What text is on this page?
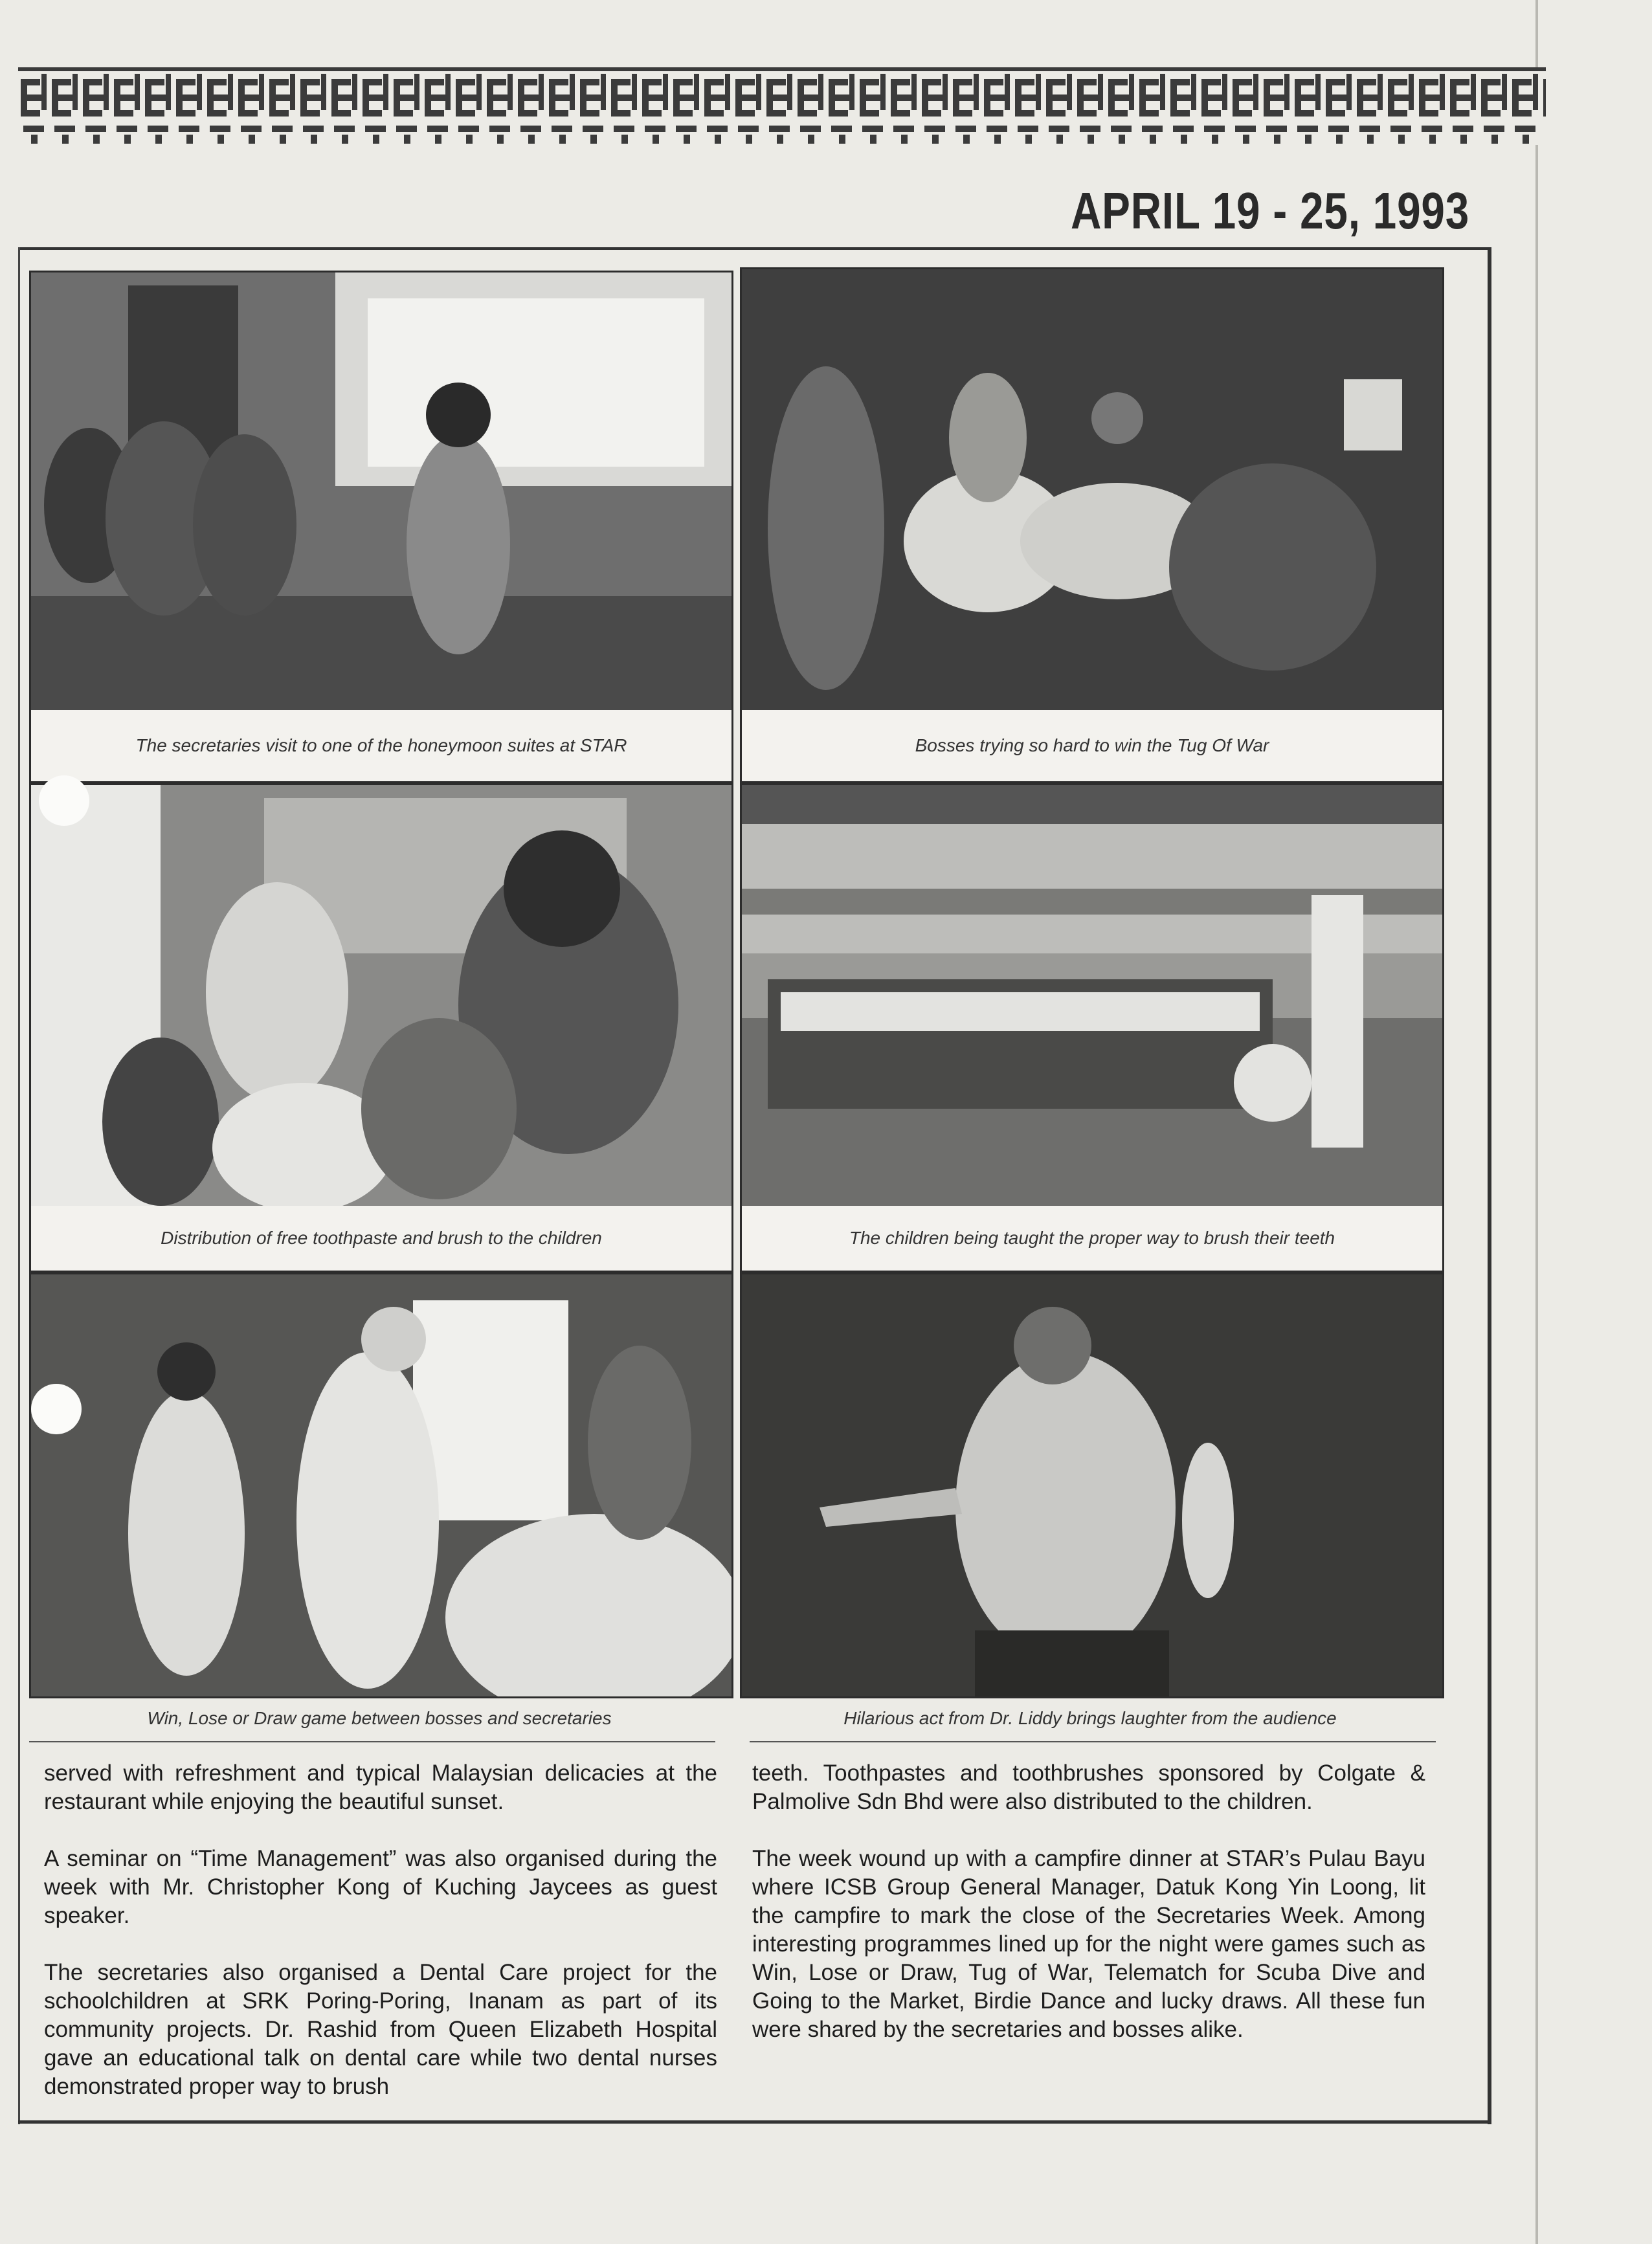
APRIL 19 - 25, 1993
The secretaries visit to one of the honeymoon suites at STAR	Bosses trying so hard to win the Tug Of War
Distribution of free toothpaste and brush to the children	The children being taught the proper way to brush their teeth
Win, Lose or Draw game between bosses and secretaries	Hilarious act from Dr. Liddy brings laughter from the audience

served with refreshment and typical Malaysian delicacies at the restaurant while enjoying the beautiful sunset.

A seminar on “Time Management” was also organised during the week with Mr. Christopher Kong of Kuching Jaycees as guest speaker.

The secretaries also organised a Dental Care project for the schoolchildren at SRK Poring-Poring, Inanam as part of its community projects. Dr. Rashid from Queen Elizabeth Hospital gave an educational talk on dental care while two dental nurses demonstrated proper way to brush

teeth. Toothpastes and toothbrushes sponsored by Colgate & Palmolive Sdn Bhd were also distributed to the children.

The week wound up with a campfire dinner at STAR’s Pulau Bayu where ICSB Group General Manager, Datuk Kong Yin Loong, lit the campfire to mark the close of the Secretaries Week. Among interesting programmes lined up for the night were games such as Win, Lose or Draw, Tug of War, Telematch for Scuba Dive and Going to the Market, Birdie Dance and lucky draws. All these fun were shared by the secretaries and bosses alike.
